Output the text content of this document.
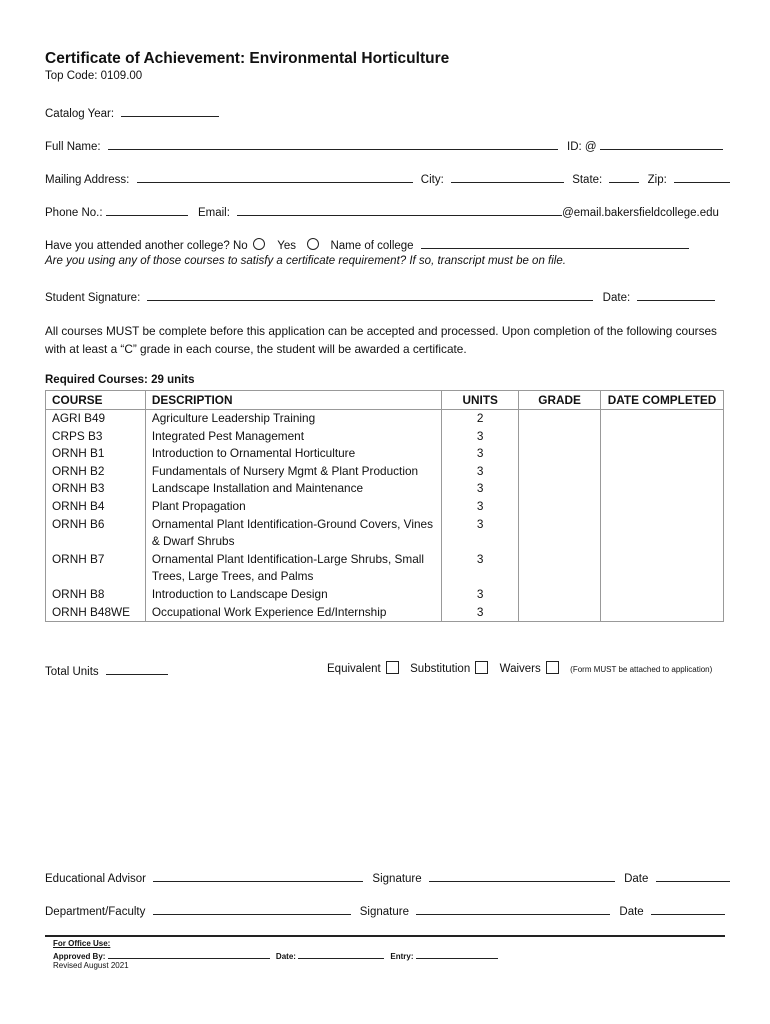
Certificate of Achievement: Environmental Horticulture
Top Code: 0109.00
Catalog Year:
Full Name:	ID: @
Mailing Address:	City:	State:	Zip:
Phone No.:	Email:	@email.bakersfieldcollege.edu
Have you attended another college? No	Yes	Name of college
Are you using any of those courses to satisfy a certificate requirement? If so, transcript must be on file.
Student Signature:	Date:
All courses MUST be complete before this application can be accepted and processed. Upon completion of the following courses with at least a “C” grade in each course, the student will be awarded a certificate.
Required Courses: 29 units
COURSE	DESCRIPTION	UNITS	GRADE	DATE COMPLETED
AGRI B49	Agriculture Leadership Training	2		
CRPS B3	Integrated Pest Management	3		
ORNH B1	Introduction to Ornamental Horticulture	3		
ORNH B2	Fundamentals of Nursery Mgmt & Plant Production	3		
ORNH B3	Landscape Installation and Maintenance	3		
ORNH B4	Plant Propagation	3		
ORNH B6	Ornamental Plant Identification-Ground Covers, Vines & Dwarf Shrubs	3		
ORNH B7	Ornamental Plant Identification-Large Shrubs, Small Trees, Large Trees, and Palms	3		
ORNH B8	Introduction to Landscape Design	3		
ORNH B48WE	Occupational Work Experience Ed/Internship	3		
Total Units	Equivalent	Substitution	Waivers	(Form MUST be attached to application)
Educational Advisor	Signature	Date
Department/Faculty	Signature	Date
For Office Use:
Approved By:	Date:	Entry:
Revised August 2021
